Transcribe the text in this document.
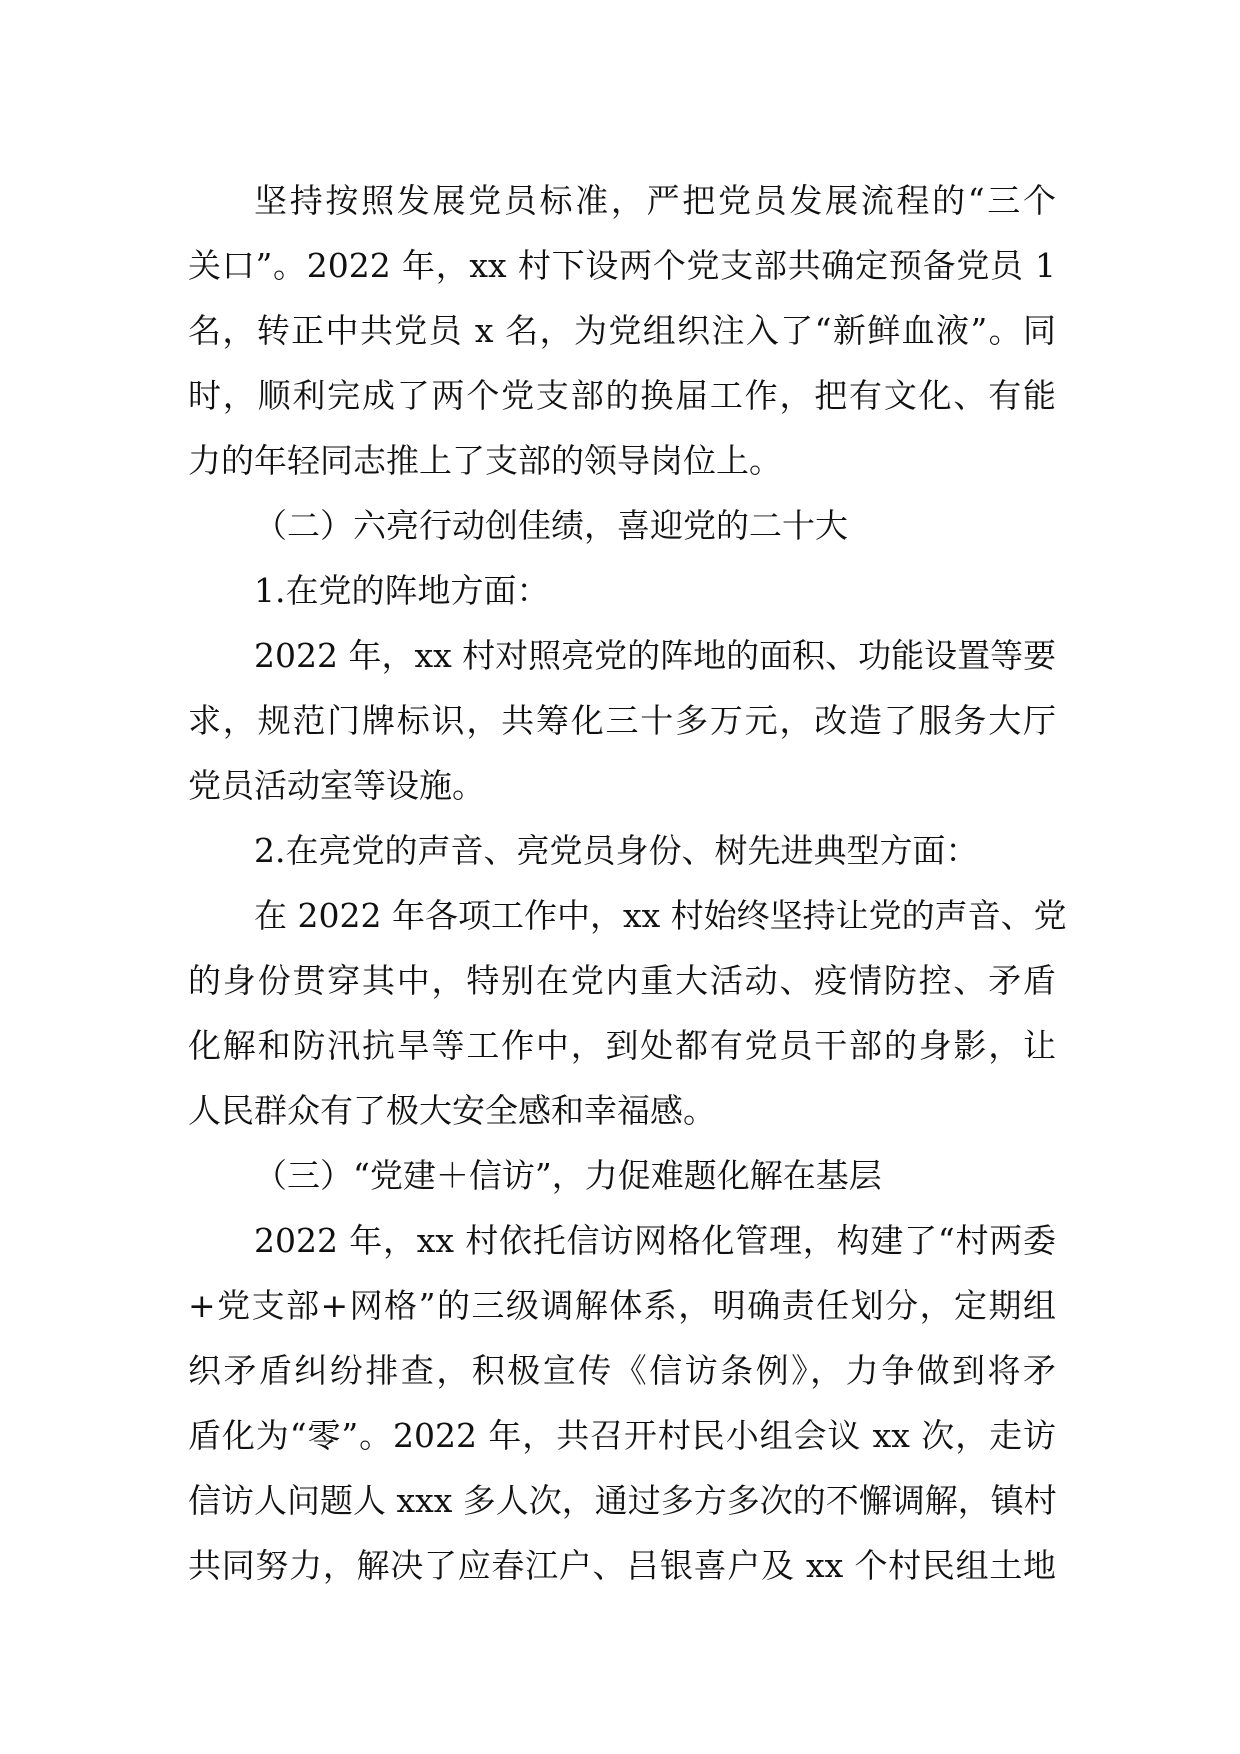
坚持按照发展党员标准，严把党员发展流程的“三个
关口”。2022 年，xx 村下设两个党支部共确定预备党员 1
名，转正中共党员 x 名，为党组织注入了“新鲜血液”。同
时，顺利完成了两个党支部的换届工作，把有文化、有能
力的年轻同志推上了支部的领导岗位上。
（二）六亮行动创佳绩，喜迎党的二十大
1.在党的阵地方面：
2022 年，xx 村对照亮党的阵地的面积、功能设置等要
求，规范门牌标识，共筹化三十多万元，改造了服务大厅
党员活动室等设施。
2.在亮党的声音、亮党员身份、树先进典型方面：
在 2022 年各项工作中，xx 村始终坚持让党的声音、党
的身份贯穿其中，特别在党内重大活动、疫情防控、矛盾
化解和防汛抗旱等工作中，到处都有党员干部的身影，让
人民群众有了极大安全感和幸福感。
（三）“党建＋信访”，力促难题化解在基层
2022 年，xx 村依托信访网格化管理，构建了“村两委
+党支部+网格”的三级调解体系，明确责任划分，定期组
织矛盾纠纷排查，积极宣传《信访条例》，力争做到将矛
盾化为“零”。2022 年，共召开村民小组会议 xx 次，走访
信访人问题人 xxx 多人次，通过多方多次的不懈调解，镇村
共同努力，解决了应春江户、吕银喜户及 xx 个村民组土地
